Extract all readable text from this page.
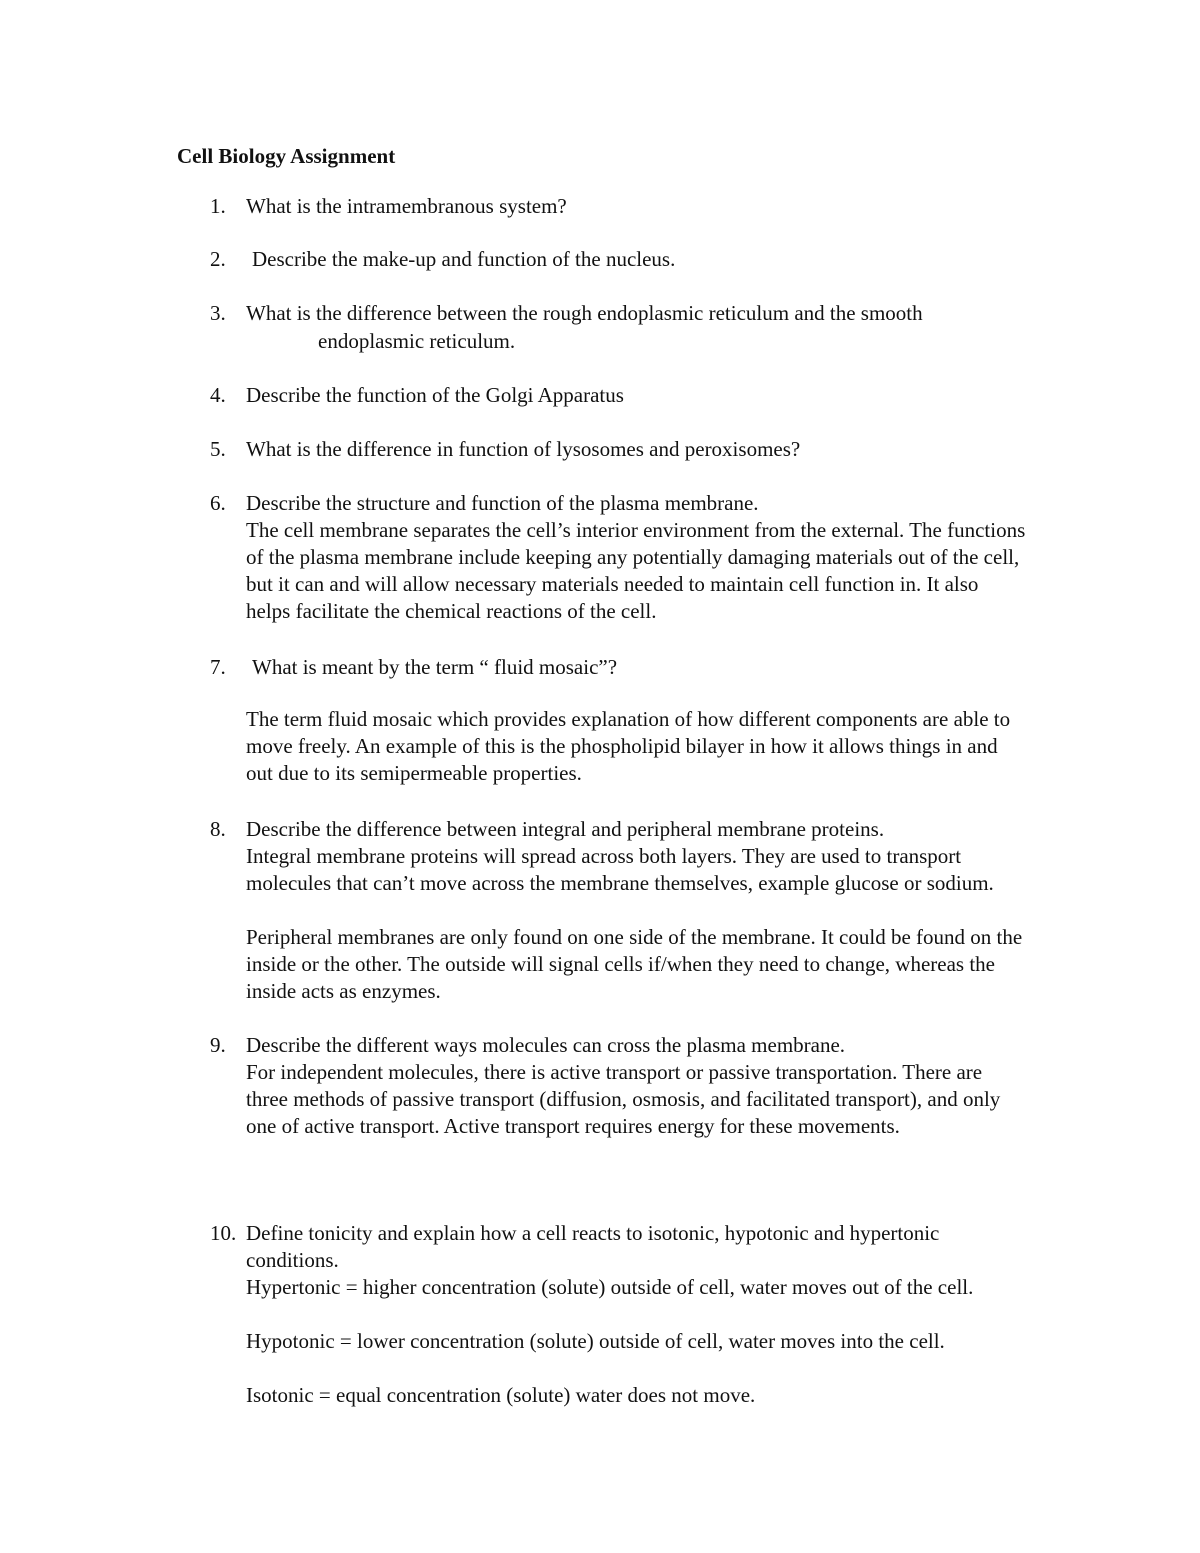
Cell Biology Assignment
1. What is the intramembranous system?
2. Describe the make-up and function of the nucleus.
3. What is the difference between the rough endoplasmic reticulum and the smooth
endoplasmic reticulum.
4. Describe the function of the Golgi Apparatus
5. What is the difference in function of lysosomes and peroxisomes?
6. Describe the structure and function of the plasma membrane.
The cell membrane separates the cell’s interior environment from the external. The functions of the plasma membrane include keeping any potentially damaging materials out of the cell, but it can and will allow necessary materials needed to maintain cell function in. It also helps facilitate the chemical reactions of the cell.
7. What is meant by the term “ fluid mosaic”?
The term fluid mosaic which provides explanation of how different components are able to move freely. An example of this is the phospholipid bilayer in how it allows things in and out due to its semipermeable properties.
8. Describe the difference between integral and peripheral membrane proteins.
Integral membrane proteins will spread across both layers. They are used to transport molecules that can’t move across the membrane themselves, example glucose or sodium.
Peripheral membranes are only found on one side of the membrane. It could be found on the inside or the other. The outside will signal cells if/when they need to change, whereas the inside acts as enzymes.
9. Describe the different ways molecules can cross the plasma membrane.
For independent molecules, there is active transport or passive transportation. There are three methods of passive transport (diffusion, osmosis, and facilitated transport), and only one of active transport. Active transport requires energy for these movements.
10. Define tonicity and explain how a cell reacts to isotonic, hypotonic and hypertonic conditions.
Hypertonic = higher concentration (solute) outside of cell, water moves out of the cell.
Hypotonic = lower concentration (solute) outside of cell, water moves into the cell.
Isotonic = equal concentration (solute) water does not move.
